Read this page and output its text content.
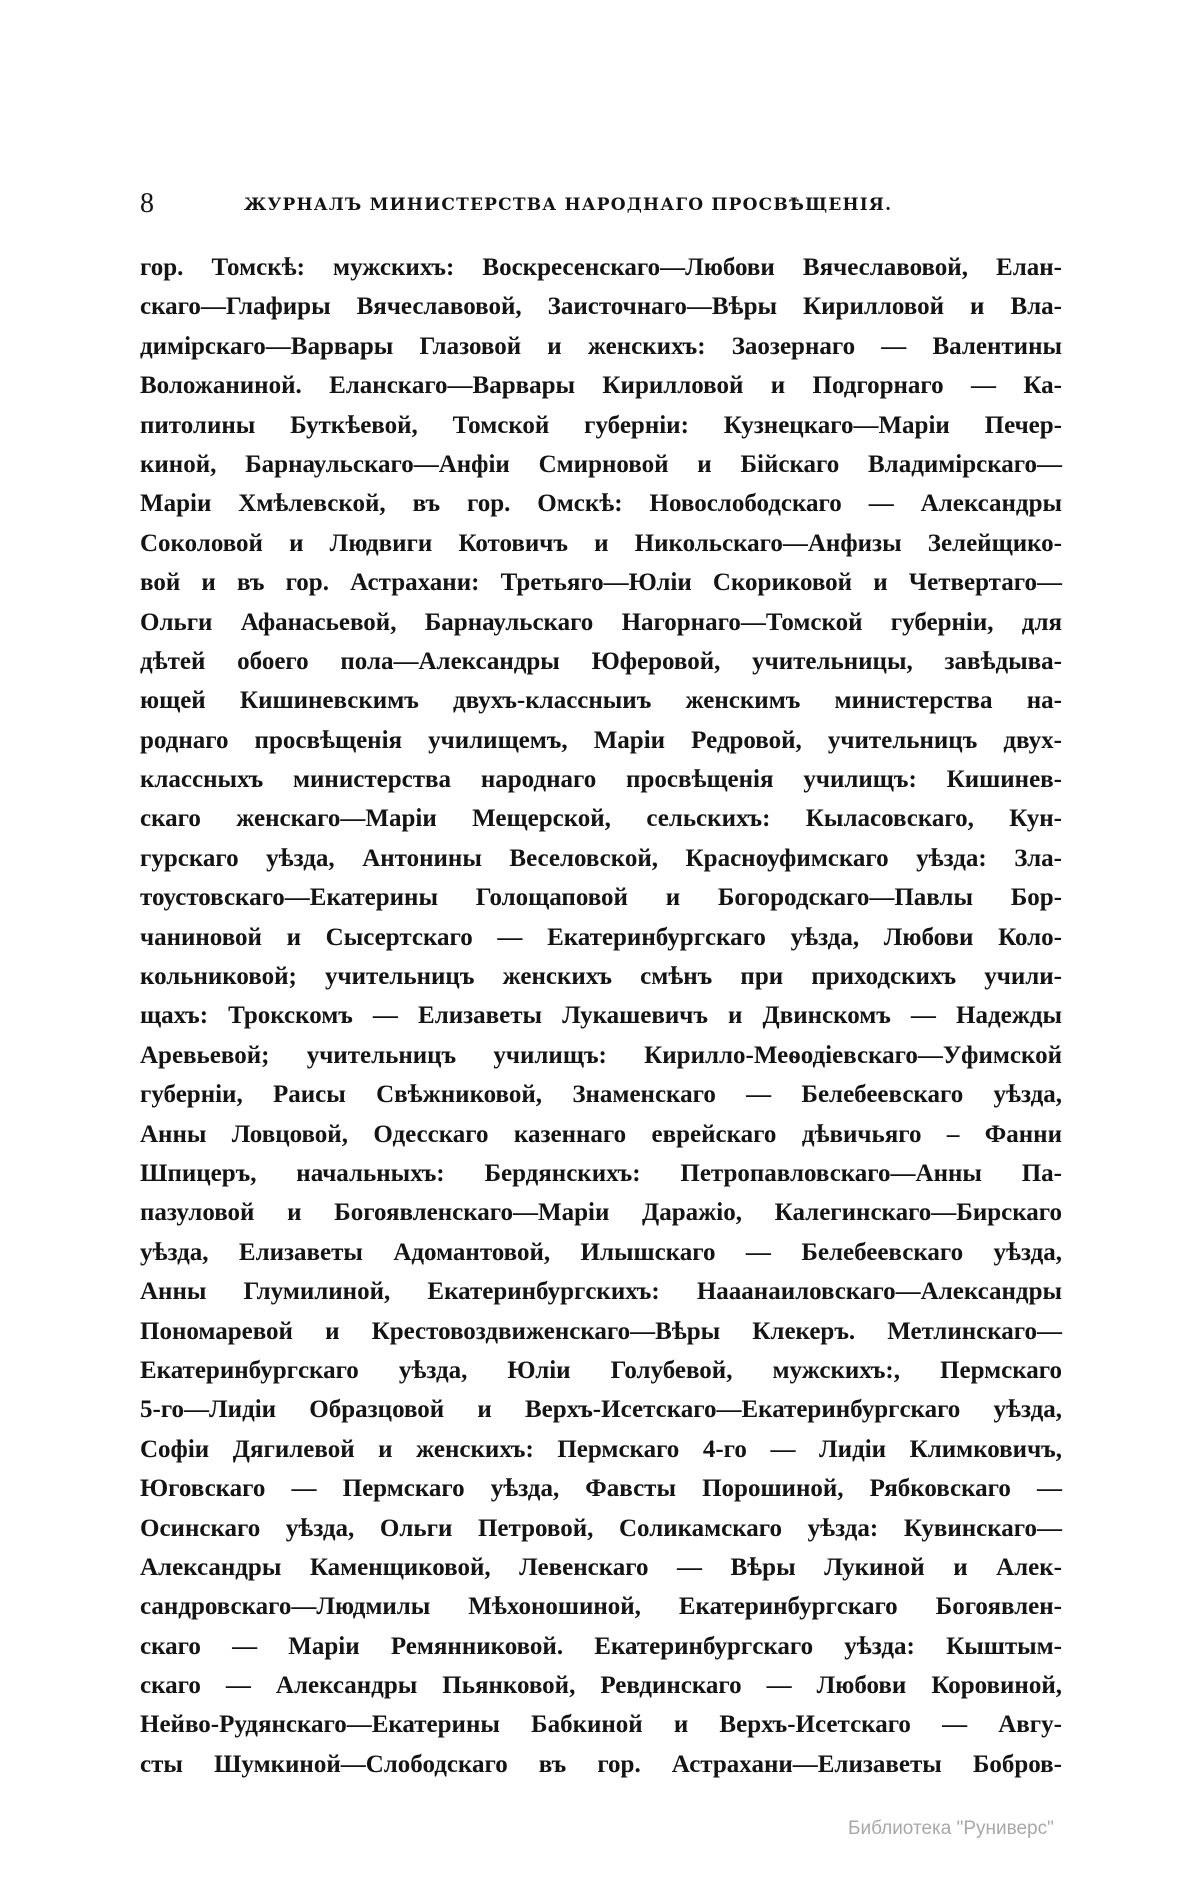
8	ЖУРНАЛЪ МИНИСТЕРСТВА НАРОДНАГО ПРОСВѢЩЕНІЯ.
гор. Томскѣ: мужскихъ: Воскресенскаго—Любови Вячеславовой, Елан-
скаго—Глафиры Вячеславовой, Заисточнаго—Вѣры Кирилловой и Вла-
димірскаго—Варвары Глазовой и женскихъ: Заозернаго — Валентины
Воложаниной. Еланскаго—Варвары Кирилловой и Подгорнаго — Ка-
питолины Буткѣевой, Томской губерніи: Кузнецкаго—Маріи Печер-
киной, Барнаульскаго—Анфіи Смирновой и Бійскаго Владимірскаго—
Маріи Хмѣлевской, въ гор. Омскѣ: Новослободскаго — Александры
Соколовой и Людвиги Котовичъ и Никольскаго—Анфизы Зелейщико-
вой и въ гор. Астрахани: Третьяго—Юліи Скориковой и Четвертаго—
Ольги Афанасьевой, Барнаульскаго Нагорнаго—Томской губерніи, для
дѣтей обоего пола—Александры Юферовой, учительницы, завѣдыва-
ющей Кишиневскимъ двухъ-классныиъ женскимъ министерства на-
роднаго просвѣщенія училищемъ, Маріи Редровой, учительницъ двух-
классныхъ министерства народнаго просвѣщенія училищъ: Кишинев-
скаго женскаго—Маріи Мещерской, сельскихъ: Кыласовскаго, Кун-
гурскаго уѣзда, Антонины Веселовской, Красноуфимскаго уѣзда: Зла-
тоустовскаго—Екатерины Голощаповой и Богородскаго—Павлы Бор-
чаниновой и Сысертскаго — Екатеринбургскаго уѣзда, Любови Коло-
кольниковой; учительницъ женскихъ смѣнъ при приходскихъ учили-
щахъ: Трокскомъ — Елизаветы Лукашевичъ и Двинскомъ — Надежды
Аревьевой; учительницъ училищъ: Кирилло-Меѳодіевскаго—Уфимской
губерніи, Раисы Свѣжниковой, Знаменскаго — Белебеевскаго уѣзда,
Анны Ловцовой, Одесскаго казеннаго еврейскаго дѣвичьяго – Фанни
Шпицеръ, начальныхъ: Бердянскихъ: Петропавловскаго—Анны Па-
пазуловой и Богоявленскаго—Маріи Даражіо, Калегинскаго—Бирскаго
уѣзда, Елизаветы Адомантовой, Илышскаго — Белебеевскаго уѣзда,
Анны Глумилиной, Екатеринбургскихъ: Нааанаиловскаго—Александры
Пономаревой и Крестовоздвиженскаго—Вѣры Клекеръ. Метлинскаго—
Екатеринбургскаго уѣзда, Юліи Голубевой, мужскихъ:, Пермскаго
5-го—Лидіи Образцовой и Верхъ-Исетскаго—Екатеринбургскаго уѣзда,
Софіи Дягилевой и женскихъ: Пермскаго 4-го — Лидіи Климковичъ,
Юговскаго — Пермскаго уѣзда, Фавсты Порошиной, Рябковскаго —
Осинскаго уѣзда, Ольги Петровой, Соликамскаго уѣзда: Кувинскаго—
Александры Каменщиковой, Левенскаго — Вѣры Лукиной и Алек-
сандровскаго—Людмилы Мѣхоношиной, Екатеринбургскаго Богоявлен-
скаго — Маріи Ремянниковой. Екатеринбургскаго уѣзда: Кыштым-
скаго — Александры Пьянковой, Ревдинскаго — Любови Коровиной,
Нейво-Рудянскаго—Екатерины Бабкиной и Верхъ-Исетскаго — Авгу-
сты Шумкиной—Слободскаго въ гор. Астрахани—Елизаветы Бобров-
Библиотека "Руниверс"
